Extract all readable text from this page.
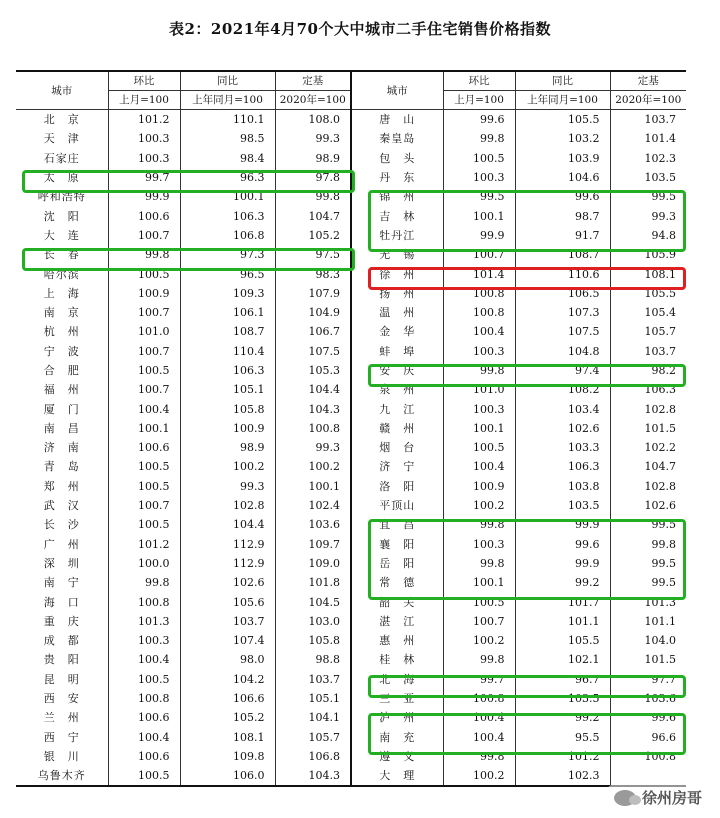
表2：2021年4月70个大中城市二手住宅销售价格指数
城市	环比	同比	定基	城市	环比	同比	定基
	上月=100	上年同月=100	2020年=100		上月=100	上年同月=100	2020年=100
北　京	101.2	110.1	108.0	唐　山	99.6	105.5	103.7
天　津	100.3	98.5	99.3	秦皇岛	99.8	103.2	101.4
石家庄	100.3	98.4	98.9	包　头	100.5	103.9	102.3
太　原	99.7	96.3	97.8	丹　东	100.3	104.6	103.5
呼和浩特	99.9	100.1	99.8	锦　州	99.5	99.6	99.5
沈　阳	100.6	106.3	104.7	吉　林	100.1	98.7	99.3
大　连	100.7	106.8	105.2	牡丹江	99.9	91.7	94.8
长　春	99.8	97.3	97.5	无　锡	100.7	108.7	105.9
哈尔滨	100.5	96.5	98.3	徐　州	101.4	110.6	108.1
上　海	100.9	109.3	107.9	扬　州	100.8	106.5	105.5
南　京	100.7	106.1	104.9	温　州	100.8	107.3	105.4
杭　州	101.0	108.7	106.7	金　华	100.4	107.5	105.7
宁　波	100.7	110.4	107.5	蚌　埠	100.3	104.8	103.7
合　肥	100.5	106.3	105.3	安　庆	99.8	97.4	98.2
福　州	100.7	105.1	104.4	泉　州	101.0	108.2	106.3
厦　门	100.4	105.8	104.3	九　江	100.3	103.4	102.8
南　昌	100.1	100.9	100.8	赣　州	100.1	102.6	101.5
济　南	100.6	98.9	99.3	烟　台	100.5	103.3	102.2
青　岛	100.5	100.2	100.2	济　宁	100.4	106.3	104.7
郑　州	100.5	99.3	100.1	洛　阳	100.9	103.8	102.8
武　汉	100.7	102.8	102.4	平顶山	100.2	103.5	102.6
长　沙	100.5	104.4	103.6	宜　昌	99.8	99.9	99.5
广　州	101.2	112.9	109.7	襄　阳	100.3	99.6	99.8
深　圳	100.0	112.9	109.0	岳　阳	99.8	99.9	99.5
南　宁	99.8	102.6	101.8	常　德	100.1	99.2	99.5
海　口	100.8	105.6	104.5	韶　关	100.5	101.7	101.3
重　庆	101.3	103.7	103.0	湛　江	100.7	101.1	101.1
成　都	100.3	107.4	105.8	惠　州	100.2	105.5	104.0
贵　阳	100.4	98.0	98.8	桂　林	99.8	102.1	101.5
昆　明	100.5	104.2	103.7	北　海	99.7	96.7	97.7
西　安	100.8	106.6	105.1	三　亚	100.8	103.5	103.6
兰　州	100.6	105.2	104.1	泸　州	100.4	99.2	99.6
西　宁	100.4	108.1	105.7	南　充	100.4	95.5	96.6
银　川	100.6	109.8	106.8	遵　义	99.8	101.2	100.8
乌鲁木齐	100.5	106.0	104.3	大　理	100.2	102.3	
徐州房哥
